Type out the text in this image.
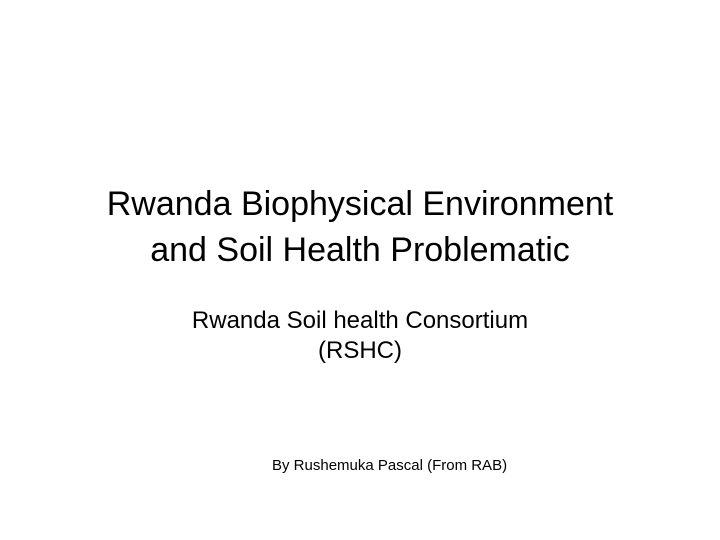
Rwanda Biophysical Environment
and Soil Health Problematic
Rwanda Soil health Consortium
(RSHC)
By Rushemuka Pascal (From RAB)
